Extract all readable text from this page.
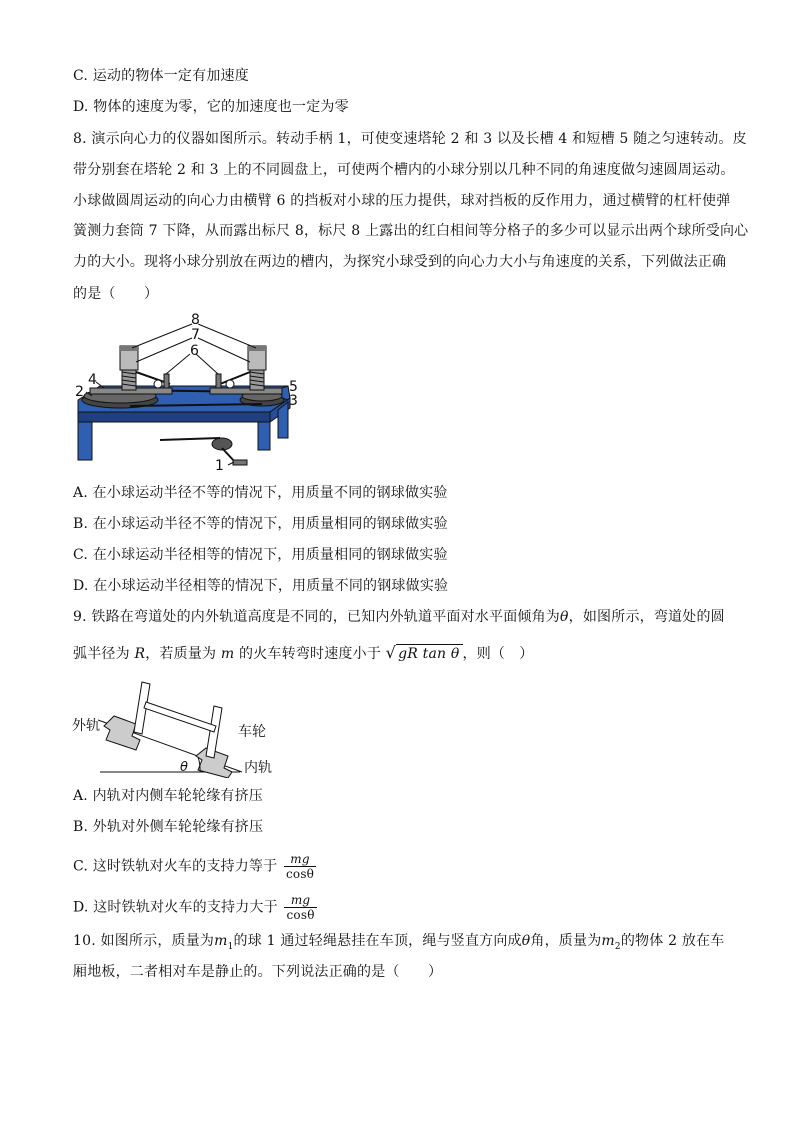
C. 运动的物体一定有加速度
D. 物体的速度为零，它的加速度也一定为零
8. 演示向心力的仪器如图所示。转动手柄 1，可使变速塔轮 2 和 3 以及长槽 4 和短槽 5 随之匀速转动。皮
带分别套在塔轮 2 和 3 上的不同圆盘上，可使两个槽内的小球分别以几种不同的角速度做匀速圆周运动。
小球做圆周运动的向心力由横臂 6 的挡板对小球的压力提供，球对挡板的反作用力，通过横臂的杠杆使弹
簧测力套筒 7 下降，从而露出标尺 8，标尺 8 上露出的红白相间等分格子的多少可以显示出两个球所受向心
力的大小。现将小球分别放在两边的槽内，为探究小球受到的向心力大小与角速度的关系，下列做法正确
的是（　　）
8
7
6
4
2	5
3
1
A. 在小球运动半径不等的情况下，用质量不同的钢球做实验
B. 在小球运动半径不等的情况下，用质量相同的钢球做实验
C. 在小球运动半径相等的情况下，用质量相同的钢球做实验
D. 在小球运动半径相等的情况下，用质量不同的钢球做实验
9. 铁路在弯道处的内外轨道高度是不同的，已知内外轨道平面对水平面倾角为θ，如图所示，弯道处的圆
弧半径为 R，若质量为 m 的火车转弯时速度小于 √ gR tan θ ，则（　）
外轨	车轮
内轨
θ
A. 内轨对内侧车轮轮缘有挤压
B. 外轨对外侧车轮轮缘有挤压
C. 这时铁轨对火车的支持力等于 $\frac{mg}{\cos\theta}$
D. 这时铁轨对火车的支持力大于 $\frac{mg}{\cos\theta}$
10. 如图所示，质量为$m_1$的球 1 通过轻绳悬挂在车顶，绳与竖直方向成θ角，质量为$m_2$的物体 2 放在车
厢地板，二者相对车是静止的。下列说法正确的是（　　）
